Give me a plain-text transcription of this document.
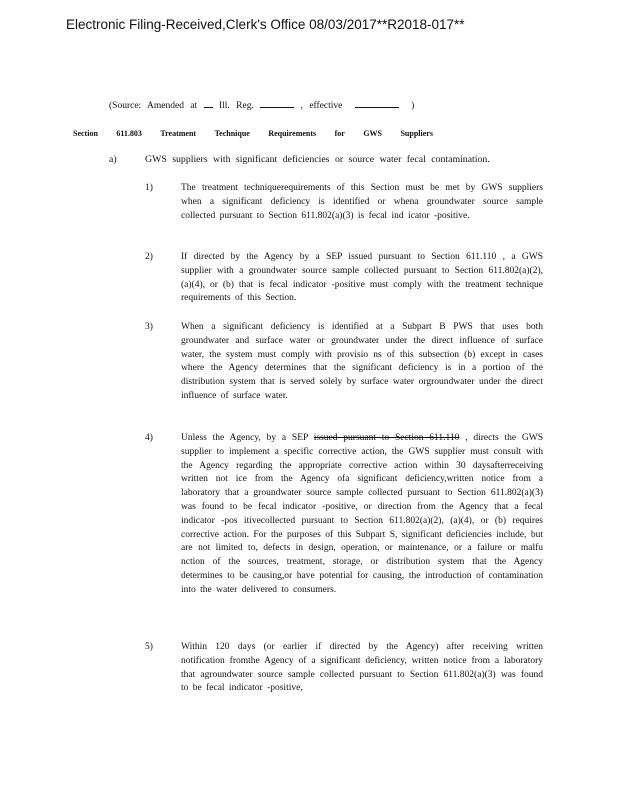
Electronic Filing-Received,Clerk's Office 08/03/2017**R2018-017**
(Source: Amended at Ill. Reg.	, effective	)
Section 611.803 Treatment Technique Requirements for GWS Suppliers
a)	GWS suppliers with significant deficiencies or source water fecal contamination.
1)	The treatment techniquerequirements of this Section must be met by GWS suppliers when a significant deficiency is identified or whena groundwater source sample collected pursuant to Section 611.802(a)(3) is fecal ind icator -positive.
2)	If directed by the Agency by a SEP issued pursuant to Section 611.110 , a GWS supplier with a groundwater source sample collected pursuant to Section 611.802(a)(2), (a)(4), or (b) that is fecal indicator -positive must comply with the treatment technique requirements of this Section.
3)	When a significant deficiency is identified at a Subpart B PWS that uses both groundwater and surface water or groundwater under the direct influence of surface water, the system must comply with provisio ns of this subsection (b) except in cases where the Agency determines that the significant deficiency is in a portion of the distribution system that is served solely by surface water orgroundwater under the direct influence of surface water.
4)	Unless the Agency, by a SEP issued pursuant to Section 611.110 , directs the GWS supplier to implement a specific corrective action, the GWS supplier must consult with the Agency regarding the appropriate corrective action within 30 daysafterreceiving written not ice from the Agency ofa significant deficiency,written notice from a laboratory that a groundwater source sample collected pursuant to Section 611.802(a)(3) was found to be fecal indicator -positive, or direction from the Agency that a fecal indicator -pos itivecollected pursuant to Section 611.802(a)(2), (a)(4), or (b) requires corrective action. For the purposes of this Subpart S, significant deficiencies include, but are not limited to, defects in design, operation, or maintenance, or a failure or malfu nction of the sources, treatment, storage, or distribution system that the Agency determines to be causing,or have potential for causing, the introduction of contamination into the water delivered to consumers.
5)	Within 120 days (or earlier if directed by the Agency) after receiving written notification fromthe Agency of a significant deficiency, written notice from a laboratory that agroundwater source sample collected pursuant to Section 611.802(a)(3) was found to be fecal indicator -positive,
